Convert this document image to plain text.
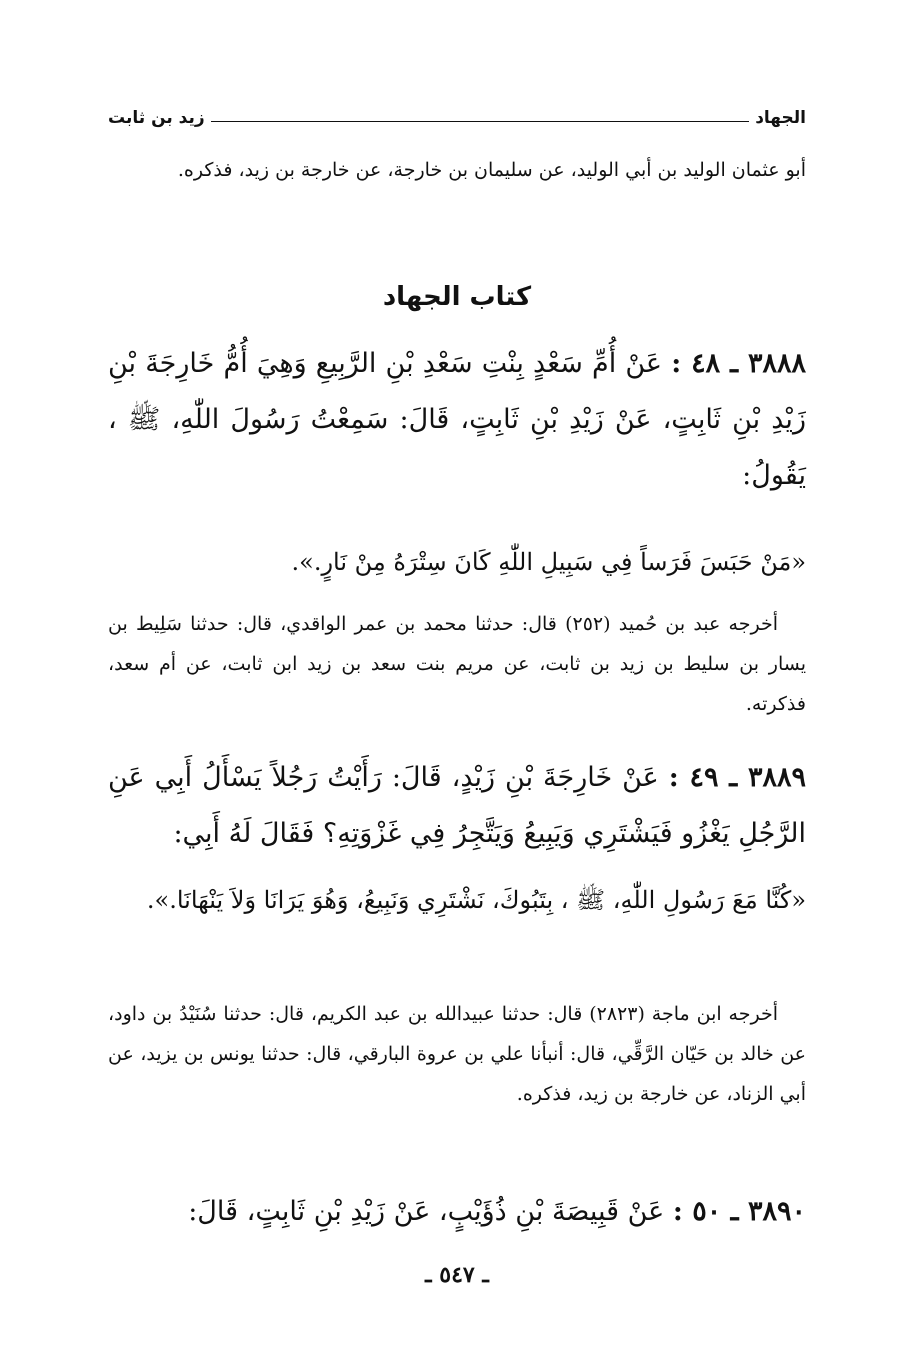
الجهاد
زيد بن ثابت
أبو عثمان الوليد بن أبي الوليد، عن سليمان بن خارجة، عن خارجة بن زيد، فذكره.
كتاب الجهاد
٣٨٨٨ ـ ٤٨ : عَنْ أُمِّ سَعْدٍ بِنْتِ سَعْدِ بْنِ الرَّبِيعِ وَهِيَ أُمُّ خَارِجَةَ بْنِ زَيْدِ بْنِ ثَابِتٍ، عَنْ زَيْدِ بْنِ ثَابِتٍ، قَالَ: سَمِعْتُ رَسُولَ اللّٰهِ، ﷺ ، يَقُولُ:
«مَنْ حَبَسَ فَرَساً فِي سَبِيلِ اللّٰهِ كَانَ سِتْرَهُ مِنْ نَارٍ.».
أخرجه عبد بن حُميد (٢٥٢) قال: حدثنا محمد بن عمر الواقدي، قال: حدثنا سَلِيط بن يسار بن سليط بن زيد بن ثابت، عن مريم بنت سعد بن زيد ابن ثابت، عن أم سعد، فذكرته.
٣٨٨٩ ـ ٤٩ : عَنْ خَارِجَةَ بْنِ زَيْدٍ، قَالَ: رَأَيْتُ رَجُلاً يَسْأَلُ أَبِي عَنِ الرَّجُلِ يَغْزُو فَيَشْتَرِي وَيَبِيعُ وَيَتَّجِرُ فِي غَزْوَتِهِ؟ فَقَالَ لَهُ أَبِي:
«كُنَّا مَعَ رَسُولِ اللّٰهِ، ﷺ ، بِتَبُوكَ، نَشْتَرِي وَنَبِيعُ، وَهُوَ يَرَانَا وَلاَ يَنْهَانَا.».
أخرجه ابن ماجة (٢٨٢٣) قال: حدثنا عبيدالله بن عبد الكريم، قال: حدثنا سُنَيْدُ بن داود، عن خالد بن حَيّان الرَّقِّي، قال: أنبأنا علي بن عروة البارقي، قال: حدثنا يونس بن يزيد، عن أبي الزناد، عن خارجة بن زيد، فذكره.
٣٨٩٠ ـ ٥٠ : عَنْ قَبِيصَةَ بْنِ ذُؤَيْبٍ، عَنْ زَيْدِ بْنِ ثَابِتٍ، قَالَ:
ـ ٥٤٧ ـ
